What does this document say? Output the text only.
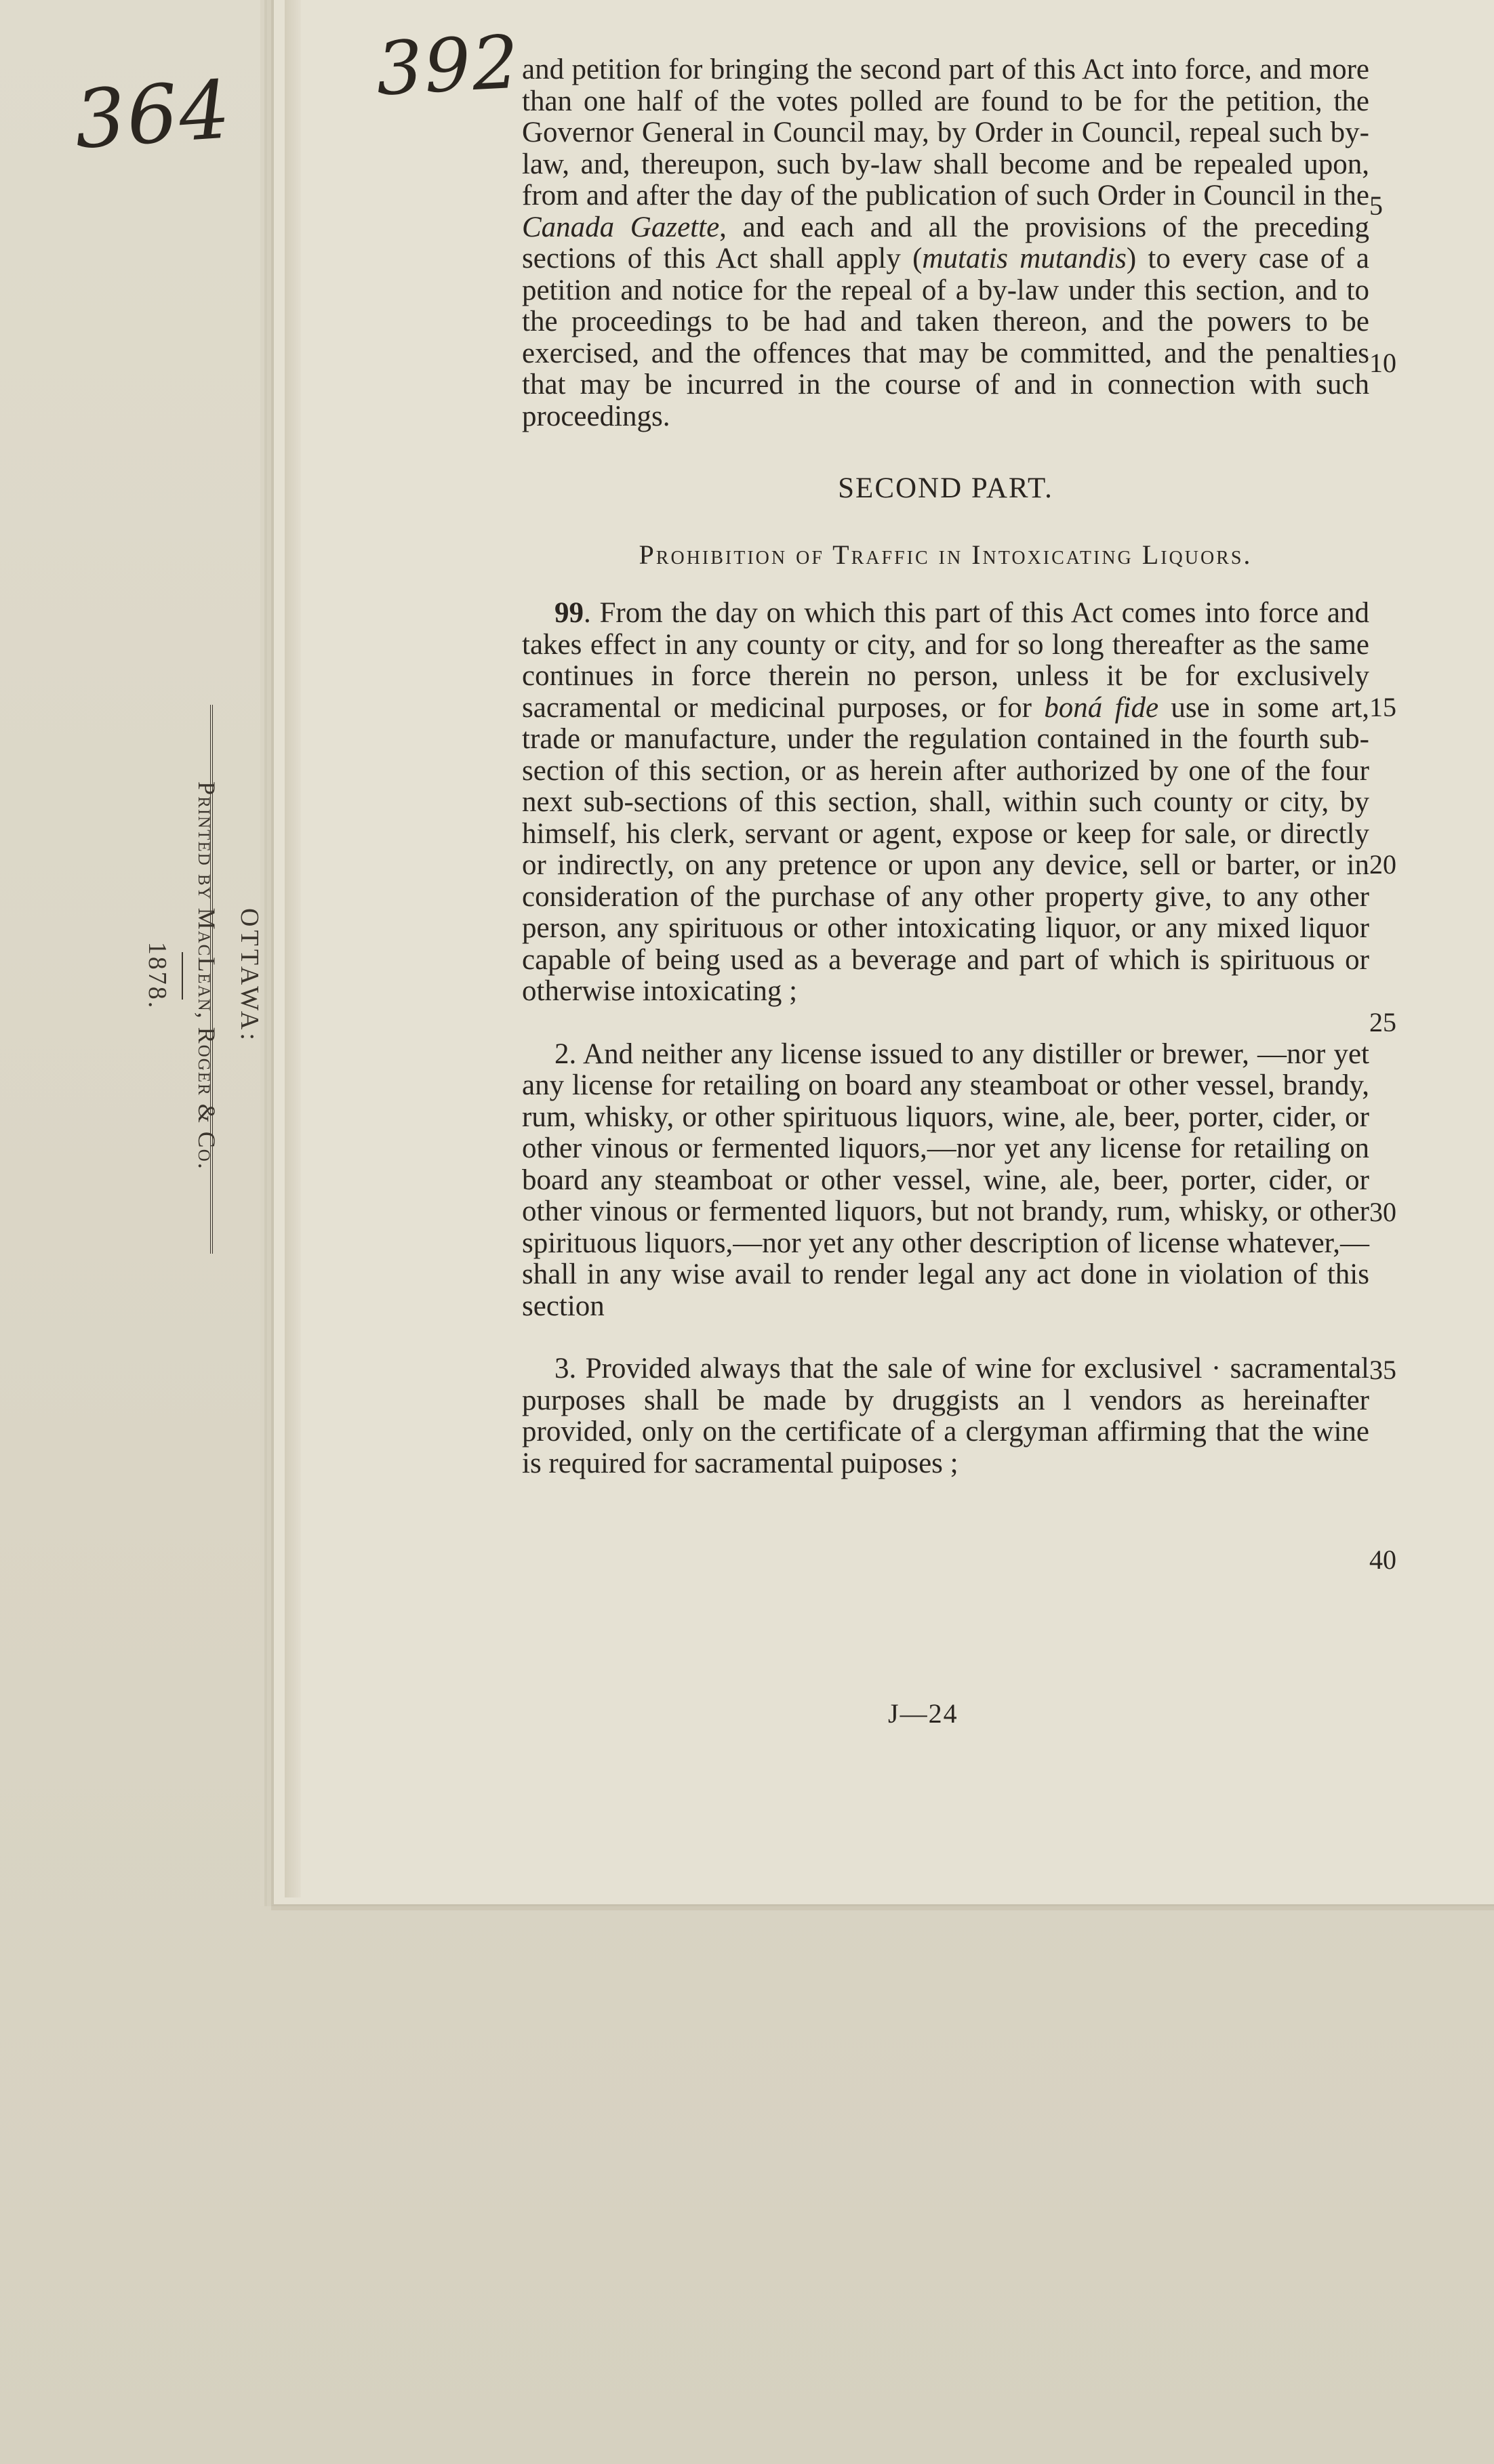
364 392
OTTAWA:
Printed by MacLean, Roger & Co.
1878.

and petition for bringing the second part of this Act into force, and more than one half of the votes polled are found to be for the petition, the Governor General in Council may, by Order in Council, repeal such by-law, and, thereupon, such by-law shall become and be repealed upon, from and after the day of the publication of such Order in Council in the Canada Gazette, and each and all the provisions of the preceding sections of this Act shall apply (mutatis mutandis) to every case of a petition and notice for the repeal of a by-law under this section, and to the proceedings to be had and taken thereon, and the powers to be exercised, and the offences that may be committed, and the penalties that may be incurred in the course of and in connection with such proceedings.

SECOND PART.
Prohibition of Traffic in Intoxicating Liquors.

99. From the day on which this part of this Act comes into force and takes effect in any county or city, and for so long thereafter as the same continues in force therein no person, unless it be for exclusively sacramental or medicinal purposes, or for boná fide use in some art, trade or manufacture, under the regulation contained in the fourth sub-section of this section, or as herein after authorized by one of the four next sub-sections of this section, shall, within such county or city, by himself, his clerk, servant or agent, expose or keep for sale, or directly or indirectly, on any pretence or upon any device, sell or barter, or in consideration of the purchase of any other property give, to any other person, any spirituous or other intoxicating liquor, or any mixed liquor capable of being used as a beverage and part of which is spirituous or otherwise intoxicating ;

2. And neither any license issued to any distiller or brewer, —nor yet any license for retailing on board any steamboat or other vessel, brandy, rum, whisky, or other spirituous liquors, wine, ale, beer, porter, cider, or other vinous or fermented liquors,—nor yet any license for retailing on board any steamboat or other vessel, wine, ale, beer, porter, cider, or other vinous or fermented liquors, but not brandy, rum, whisky, or other spirituous liquors,—nor yet any other description of license whatever,— shall in any wise avail to render legal any act done in violation of this section

3. Provided always that the sale of wine for exclusivel · sacramental purposes shall be made by druggists an l vendors as hereinafter provided, only on the certificate of a clergyman affirming that the wine is required for sacramental puiposes ;

5
10
15
20
25
30
35
40
J—24
